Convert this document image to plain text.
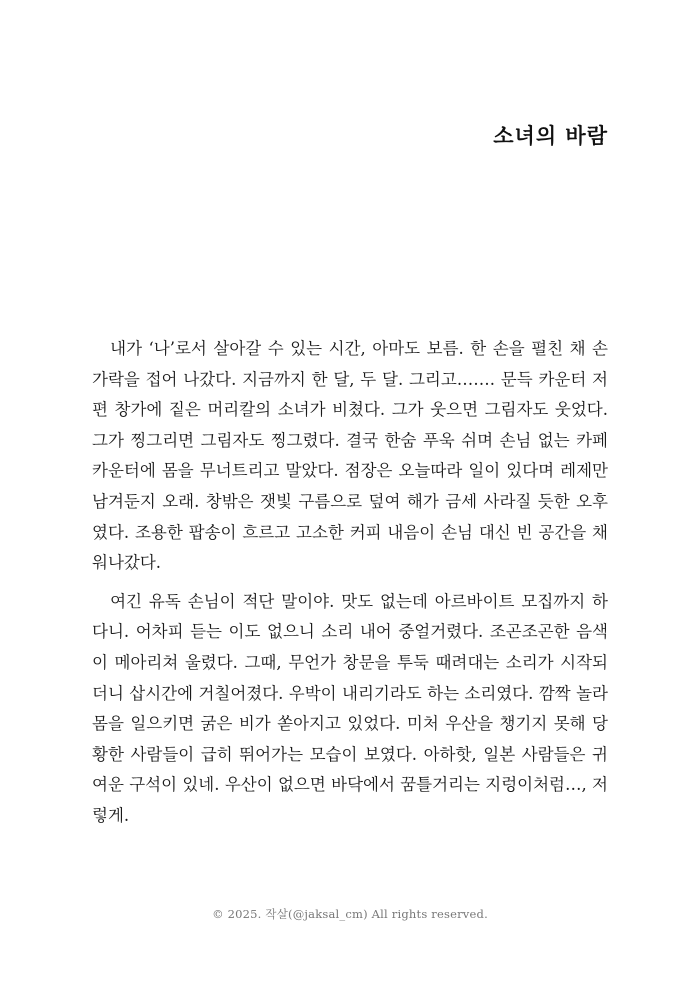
소녀의 바람

내가 ‘나’로서 살아갈 수 있는 시간, 아마도 보름. 한 손을 펼친 채 손가락을 접어 나갔다. 지금까지 한 달, 두 달. 그리고……. 문득 카운터 저편 창가에 짙은 머리칼의 소녀가 비쳤다. 그가 웃으면 그림자도 웃었다. 그가 찡그리면 그림자도 찡그렸다. 결국 한숨 푸욱 쉬며 손님 없는 카페 카운터에 몸을 무너트리고 말았다. 점장은 오늘따라 일이 있다며 레제만 남겨둔지 오래. 창밖은 잿빛 구름으로 덮여 해가 금세 사라질 듯한 오후였다. 조용한 팝송이 흐르고 고소한 커피 내음이 손님 대신 빈 공간을 채워나갔다.

여긴 유독 손님이 적단 말이야. 맛도 없는데 아르바이트 모집까지 하다니. 어차피 듣는 이도 없으니 소리 내어 중얼거렸다. 조곤조곤한 음색이 메아리쳐 울렸다. 그때, 무언가 창문을 투둑 때려대는 소리가 시작되더니 삽시간에 거칠어졌다. 우박이 내리기라도 하는 소리였다. 깜짝 놀라 몸을 일으키면 굵은 비가 쏟아지고 있었다. 미처 우산을 챙기지 못해 당황한 사람들이 급히 뛰어가는 모습이 보였다. 아하핫, 일본 사람들은 귀여운 구석이 있네. 우산이 없으면 바닥에서 꿈틀거리는 지렁이처럼…, 저렇게.

© 2025. 작살(@jaksal_cm) All rights reserved.
